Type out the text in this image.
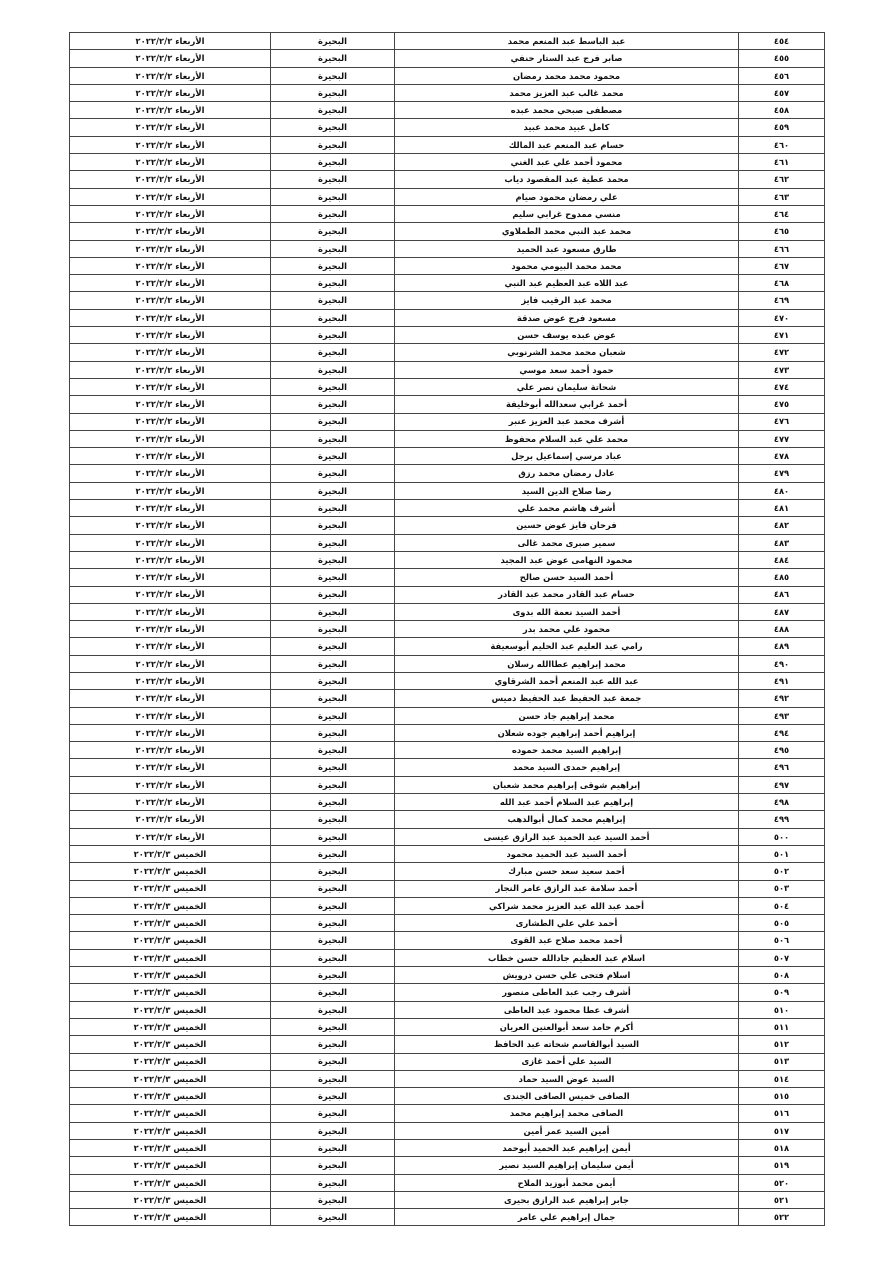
٤٥٤	عبد الباسط عبد المنعم محمد	البحيرة	الأربعاء ٢٠٢٢/٢/٢
٤٥٥	صابر فرج عبد الستار حنفي	البحيرة	الأربعاء ٢٠٢٢/٢/٢
٤٥٦	محمود محمد محمد رمضان	البحيرة	الأربعاء ٢٠٢٢/٢/٢
٤٥٧	محمد غالب عبد العزيز محمد	البحيرة	الأربعاء ٢٠٢٢/٢/٢
٤٥٨	مصطفى صبحي محمد عبده	البحيرة	الأربعاء ٢٠٢٢/٢/٢
٤٥٩	كامل عبيد محمد عبيد	البحيرة	الأربعاء ٢٠٢٢/٢/٢
٤٦٠	حسام عبد المنعم عبد المالك	البحيرة	الأربعاء ٢٠٢٢/٢/٢
٤٦١	محمود أحمد علي عبد الغني	البحيرة	الأربعاء ٢٠٢٢/٢/٢
٤٦٢	محمد عطية عبد المقصود دياب	البحيرة	الأربعاء ٢٠٢٢/٢/٢
٤٦٣	علي رمضان محمود صيام	البحيرة	الأربعاء ٢٠٢٢/٢/٢
٤٦٤	منسي ممدوح غرابي سليم	البحيرة	الأربعاء ٢٠٢٢/٢/٢
٤٦٥	محمد عبد النبي محمد الطملاوي	البحيرة	الأربعاء ٢٠٢٢/٢/٢
٤٦٦	طارق مسعود عبد الحميد	البحيرة	الأربعاء ٢٠٢٢/٢/٢
٤٦٧	محمد محمد البيومي محمود	البحيرة	الأربعاء ٢٠٢٢/٢/٢
٤٦٨	عبد اللاه عبد العظيم عبد النبي	البحيرة	الأربعاء ٢٠٢٢/٢/٢
٤٦٩	محمد عبد الرقيب فايز	البحيرة	الأربعاء ٢٠٢٢/٢/٢
٤٧٠	مسعود فرج عوض صدقة	البحيرة	الأربعاء ٢٠٢٢/٢/٢
٤٧١	عوض عبده يوسف حسن	البحيرة	الأربعاء ٢٠٢٢/٢/٢
٤٧٢	شعبان محمد محمد الشرنوبي	البحيرة	الأربعاء ٢٠٢٢/٢/٢
٤٧٣	حمود أحمد سعد موسي	البحيرة	الأربعاء ٢٠٢٢/٢/٢
٤٧٤	شحاتة سليمان نصر علي	البحيرة	الأربعاء ٢٠٢٢/٢/٢
٤٧٥	أحمد غرابي سعدالله أبوخليفة	البحيرة	الأربعاء ٢٠٢٢/٢/٢
٤٧٦	أشرف محمد عبد العزيز عنبر	البحيرة	الأربعاء ٢٠٢٢/٢/٢
٤٧٧	محمد علي عبد السلام محفوظ	البحيرة	الأربعاء ٢٠٢٢/٢/٢
٤٧٨	عباد مرسي إسماعيل برجل	البحيرة	الأربعاء ٢٠٢٢/٢/٢
٤٧٩	عادل رمضان محمد رزق	البحيرة	الأربعاء ٢٠٢٢/٢/٢
٤٨٠	رضا صلاح الدين السيد	البحيرة	الأربعاء ٢٠٢٢/٢/٢
٤٨١	أشرف هاشم محمد علي	البحيرة	الأربعاء ٢٠٢٢/٢/٢
٤٨٢	فرحان فايز عوض حسين	البحيرة	الأربعاء ٢٠٢٢/٢/٢
٤٨٣	سمير صبرى محمد غالى	البحيرة	الأربعاء ٢٠٢٢/٢/٢
٤٨٤	محمود النهامى عوض عبد المجيد	البحيرة	الأربعاء ٢٠٢٢/٢/٢
٤٨٥	أحمد السيد حسن صالح	البحيرة	الأربعاء ٢٠٢٢/٢/٢
٤٨٦	حسام عبد القادر محمد عبد القادر	البحيرة	الأربعاء ٢٠٢٢/٢/٢
٤٨٧	أحمد السيد نعمة الله بدوى	البحيرة	الأربعاء ٢٠٢٢/٢/٢
٤٨٨	محمود علي محمد بدر	البحيرة	الأربعاء ٢٠٢٢/٢/٢
٤٨٩	رامي عبد العليم عبد الحليم أبوسعيفة	البحيرة	الأربعاء ٢٠٢٢/٢/٢
٤٩٠	محمد إبراهيم عطاالله رسلان	البحيرة	الأربعاء ٢٠٢٢/٢/٢
٤٩١	عبد الله عبد المنعم أحمد الشرقاوي	البحيرة	الأربعاء ٢٠٢٢/٢/٢
٤٩٢	جمعة عبد الحفيظ عبد الحفيظ دميس	البحيرة	الأربعاء ٢٠٢٢/٢/٢
٤٩٣	محمد إبراهيم جاد حسن	البحيرة	الأربعاء ٢٠٢٢/٢/٢
٤٩٤	إبراهيم أحمد إبراهيم جوده شعلان	البحيرة	الأربعاء ٢٠٢٢/٢/٢
٤٩٥	إبراهيم السيد محمد حموده	البحيرة	الأربعاء ٢٠٢٢/٢/٢
٤٩٦	إبراهيم حمدى السيد محمد	البحيرة	الأربعاء ٢٠٢٢/٢/٢
٤٩٧	إبراهيم شوقى إبراهيم محمد شعبان	البحيرة	الأربعاء ٢٠٢٢/٢/٢
٤٩٨	إبراهيم عبد السلام أحمد عبد الله	البحيرة	الأربعاء ٢٠٢٢/٢/٢
٤٩٩	إبراهيم محمد كمال أبوالدهب	البحيرة	الأربعاء ٢٠٢٢/٢/٢
٥٠٠	أحمد السيد عبد الحميد عبد الرازق عيسى	البحيرة	الأربعاء ٢٠٢٢/٢/٢
٥٠١	أحمد السيد عبد الحميد محمود	البحيرة	الخميس ٢٠٢٢/٢/٣
٥٠٢	أحمد سعيد سعد حسن مبارك	البحيرة	الخميس ٢٠٢٢/٢/٣
٥٠٣	أحمد سلامة عبد الرازق عامر النجار	البحيرة	الخميس ٢٠٢٢/٢/٣
٥٠٤	أحمد عبد الله عبد العزيز محمد شراكي	البحيرة	الخميس ٢٠٢٢/٢/٣
٥٠٥	أحمد علي علي الطشارى	البحيرة	الخميس ٢٠٢٢/٢/٣
٥٠٦	أحمد محمد صلاح عبد القوى	البحيرة	الخميس ٢٠٢٢/٢/٣
٥٠٧	اسلام عبد العظيم جادالله حسن خطاب	البحيرة	الخميس ٢٠٢٢/٢/٣
٥٠٨	اسلام فتحى علي حسن درويش	البحيرة	الخميس ٢٠٢٢/٢/٣
٥٠٩	أشرف رجب عبد العاطى منصور	البحيرة	الخميس ٢٠٢٢/٢/٣
٥١٠	أشرف عطا محمود عبد العاطى	البحيرة	الخميس ٢٠٢٢/٢/٣
٥١١	أكرم حامد سعد أبوالعنين العريان	البحيرة	الخميس ٢٠٢٢/٢/٣
٥١٢	السيد أبوالقاسم شحاته عبد الحافظ	البحيرة	الخميس ٢٠٢٢/٢/٣
٥١٣	السيد علي أحمد غازى	البحيرة	الخميس ٢٠٢٢/٢/٣
٥١٤	السيد عوض السيد حماد	البحيرة	الخميس ٢٠٢٢/٢/٣
٥١٥	الصافى خميس الصافى الجندى	البحيرة	الخميس ٢٠٢٢/٢/٣
٥١٦	الصافى محمد إبراهيم محمد	البحيرة	الخميس ٢٠٢٢/٢/٣
٥١٧	أمين السيد عمر أمين	البحيرة	الخميس ٢٠٢٢/٢/٣
٥١٨	أيمن إبراهيم عبد الحميد أبوحمد	البحيرة	الخميس ٢٠٢٢/٢/٣
٥١٩	أيمن سليمان إبراهيم السيد نصير	البحيرة	الخميس ٢٠٢٢/٢/٣
٥٢٠	أيمن محمد أبوزيد الملاح	البحيرة	الخميس ٢٠٢٢/٢/٣
٥٢١	جابر إبراهيم عبد الرازق بحيرى	البحيرة	الخميس ٢٠٢٢/٢/٣
٥٢٢	جمال إبراهيم علي عامر	البحيرة	الخميس ٢٠٢٢/٢/٣
